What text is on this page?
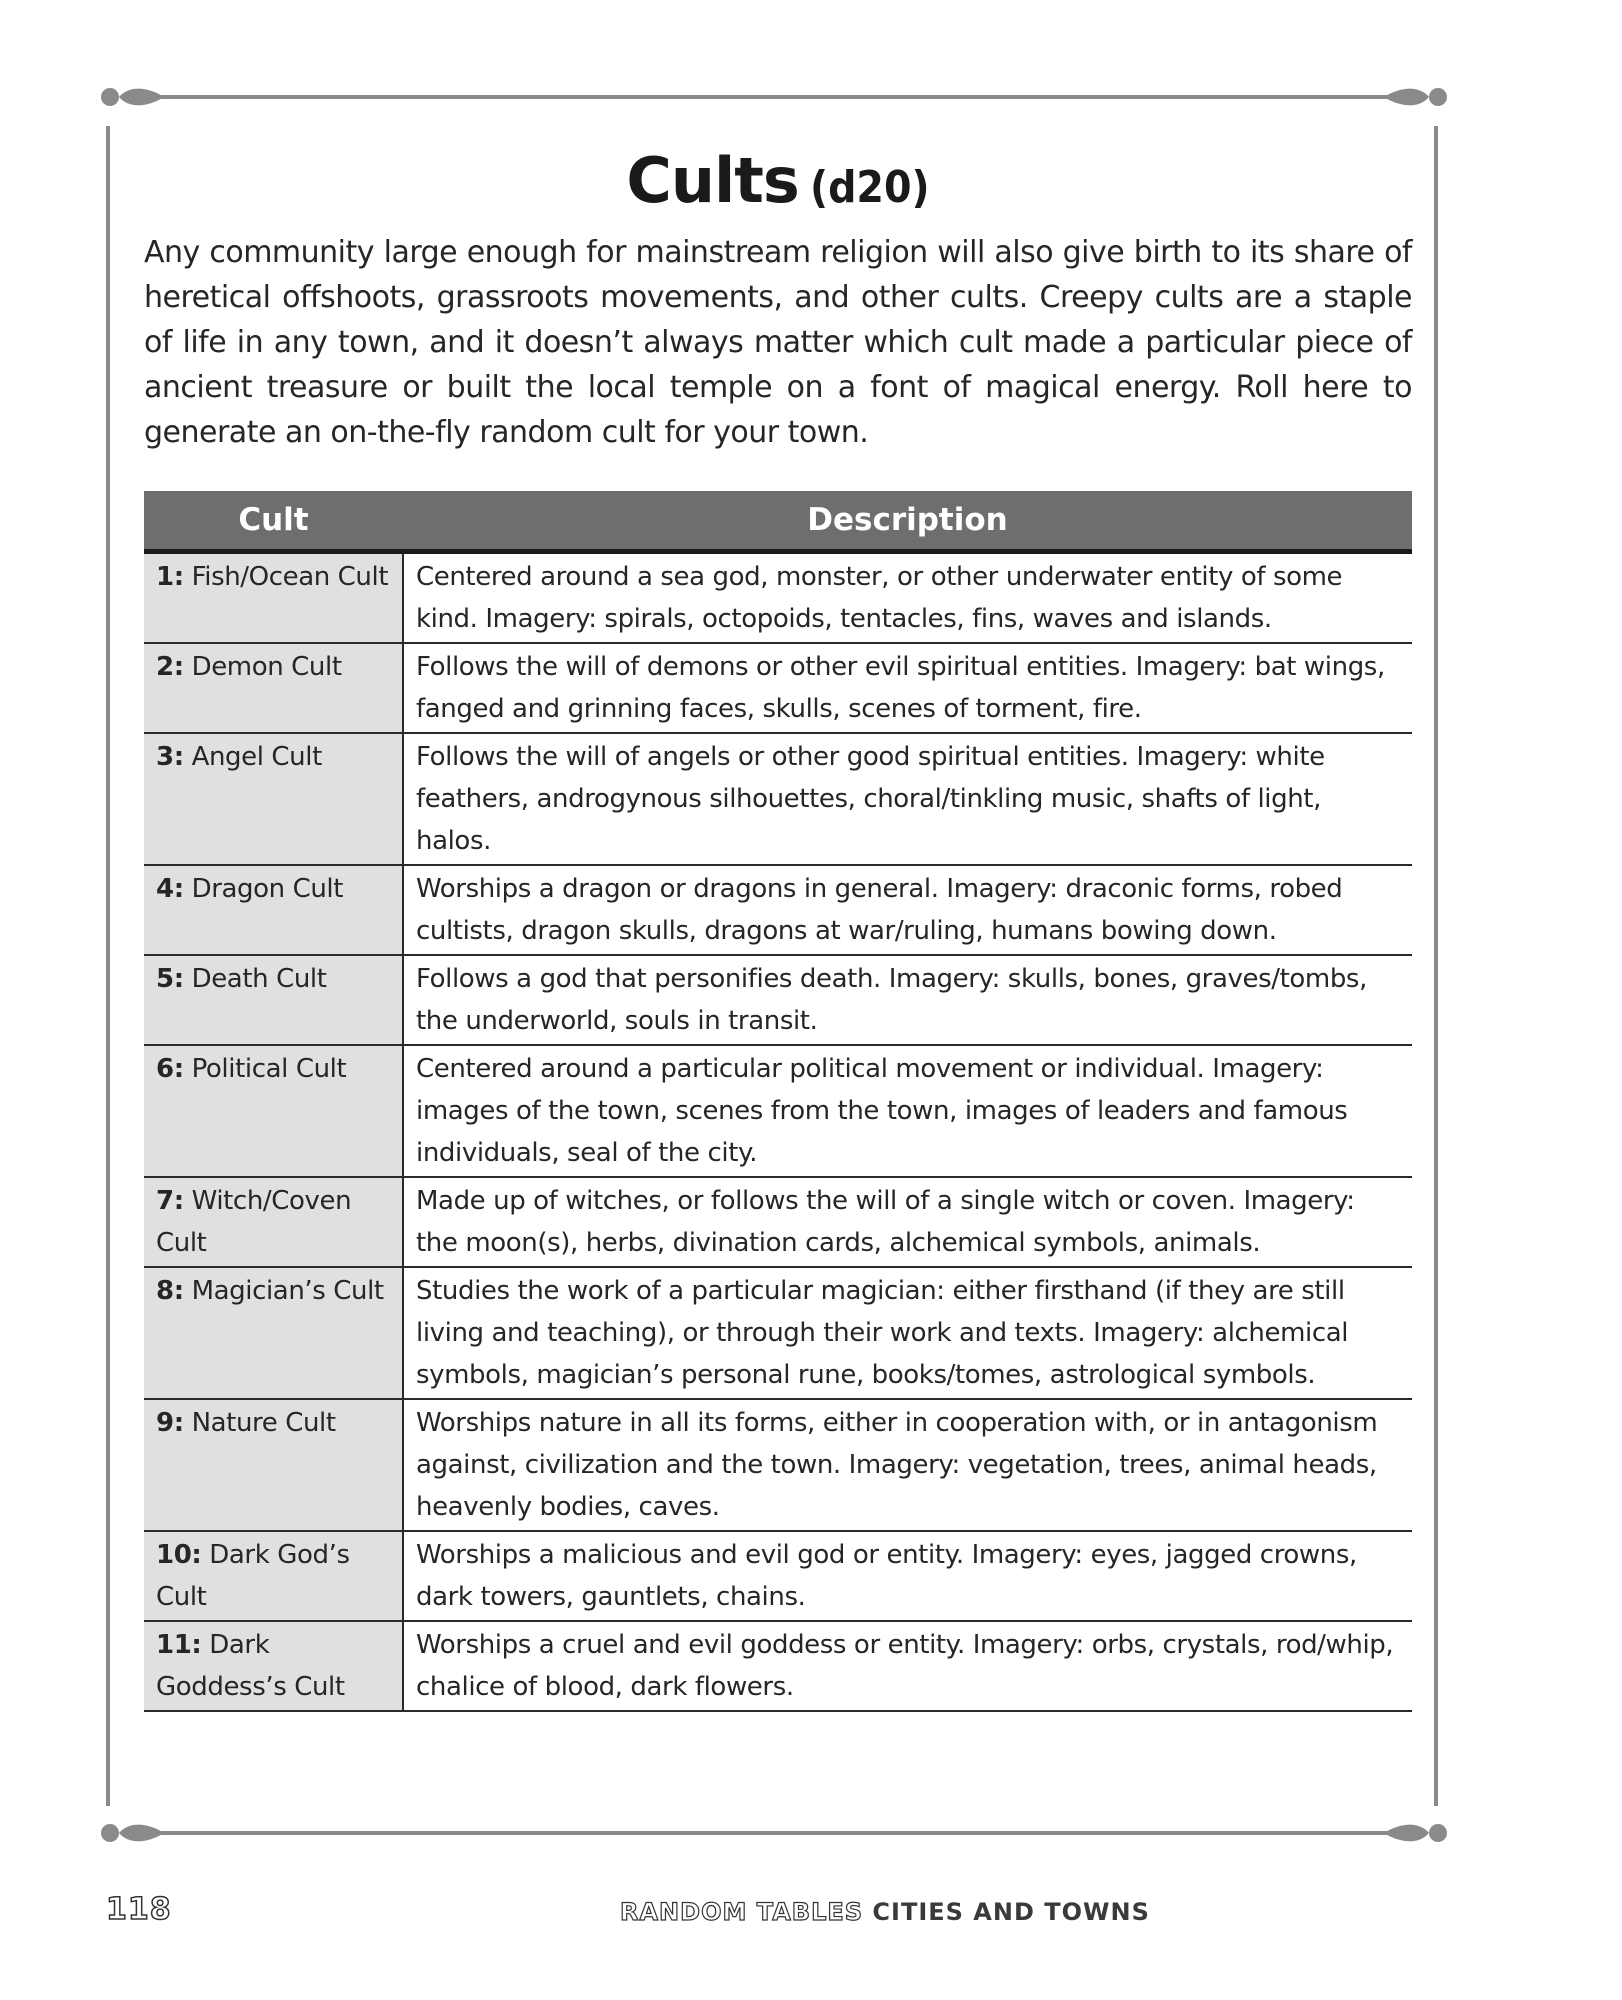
Cults (d20)

Any community large enough for mainstream religion will also give birth to its share of heretical offshoots, grassroots movements, and other cults. Creepy cults are a staple of life in any town, and it doesn’t always matter which cult made a particular piece of ancient treasure or built the local temple on a font of magical energy. Roll here to generate an on-the-fly random cult for your town.

Cult	Description
1: Fish/Ocean Cult	Centered around a sea god, monster, or other underwater entity of some kind. Imagery: spirals, octopoids, tentacles, fins, waves and islands.
2: Demon Cult	Follows the will of demons or other evil spiritual entities. Imagery: bat wings, fanged and grinning faces, skulls, scenes of torment, fire.
3: Angel Cult	Follows the will of angels or other good spiritual entities. Imagery: white feathers, androgynous silhouettes, choral/tinkling music, shafts of light, halos.
4: Dragon Cult	Worships a dragon or dragons in general. Imagery: draconic forms, robed cultists, dragon skulls, dragons at war/ruling, humans bowing down.
5: Death Cult	Follows a god that personifies death. Imagery: skulls, bones, graves/tombs, the underworld, souls in transit.
6: Political Cult	Centered around a particular political movement or individual. Imagery: images of the town, scenes from the town, images of leaders and famous individuals, seal of the city.
7: Witch/Coven Cult	Made up of witches, or follows the will of a single witch or coven. Imagery: the moon(s), herbs, divination cards, alchemical symbols, animals.
8: Magician’s Cult	Studies the work of a particular magician: either firsthand (if they are still living and teaching), or through their work and texts. Imagery: alchemical symbols, magician’s personal rune, books/tomes, astrological symbols.
9: Nature Cult	Worships nature in all its forms, either in cooperation with, or in antagonism against, civilization and the town. Imagery: vegetation, trees, animal heads, heavenly bodies, caves.
10: Dark God’s Cult	Worships a malicious and evil god or entity. Imagery: eyes, jagged crowns, dark towers, gauntlets, chains.
11: Dark Goddess’s Cult	Worships a cruel and evil goddess or entity. Imagery: orbs, crystals, rod/whip, chalice of blood, dark flowers.
118	RANDOM TABLES CITIES AND TOWNS
